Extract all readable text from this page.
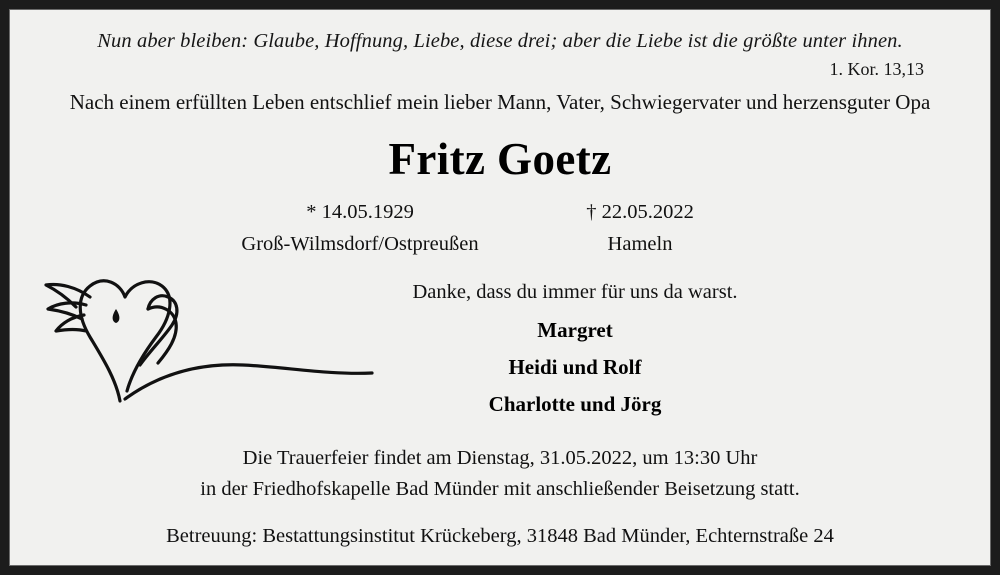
Nun aber bleiben: Glaube, Hoffnung, Liebe, diese drei; aber die Liebe ist die größte unter ihnen.
1. Kor. 13,13
Nach einem erfüllten Leben entschlief mein lieber Mann, Vater, Schwiegervater und herzensguter Opa
Fritz Goetz
* 14.05.1929
Groß-Wilmsdorf/Ostpreußen
† 22.05.2022
Hameln
Danke, dass du immer für uns da warst.
Margret
Heidi und Rolf
Charlotte und Jörg
Die Trauerfeier findet am Dienstag, 31.05.2022, um 13:30 Uhr
in der Friedhofskapelle Bad Münder mit anschließender Beisetzung statt.
Betreuung: Bestattungsinstitut Krückeberg, 31848 Bad Münder, Echternstraße 24
